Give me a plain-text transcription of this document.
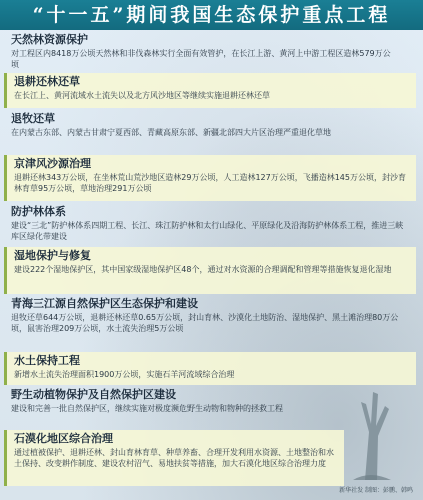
“十一五”期间我国生态保护重点工程
天然林资源保护
对工程区内8418万公顷天然林和非伐森林实行全面有效管护，在长江上游、黄河上中游工程区造林579万公顷
退耕还林还草
在长江上、黄河流域水土流失以及北方风沙地区等继续实施退耕还林还草
退牧还草
在内蒙古东部、内蒙古甘肃宁夏西部、青藏高原东部、新疆北部四大片区治理严重退化草地
京津风沙源治理
退耕还林343万公顷，在坐林荒山荒沙地区造林29万公顷，人工造林127万公顷，飞播造林145万公顷，封沙育林育草95万公顷，草地治理291万公顷
防护林体系
建设“三北”防护林体系四期工程、长江、珠江防护林和太行山绿化、平原绿化及沿海防护林体系工程，推进三峡库区绿化带建设
湿地保护与修复
建设222个湿地保护区，其中国家级湿地保护区48个，通过对水资源的合理调配和管理等措施恢复退化湿地
青海三江源自然保护区生态保护和建设
退牧还草644万公顷，退耕还林还草0.65万公顷，封山育林、沙漠化土地防治、湿地保护、黑土滩治理80万公顷，鼠害治理209万公顷，水土流失治理5万公顷
水土保持工程
新增水土流失治理面积1900万公顷，实施石羊河流域综合治理
野生动植物保护及自然保护区建设
建设和完善一批自然保护区，继续实施对极度濒危野生动物和物种的拯救工程
石漠化地区综合治理
通过植被保护、退耕还林、封山育林育草、种草养畜、合理开发利用水资源、土地整治和水土保持、改变耕作制度、建设农村沼气、易地扶贫等措施，加大石漠化地区综合治理力度
新华社发 制图：彭鹏、韩鸣
